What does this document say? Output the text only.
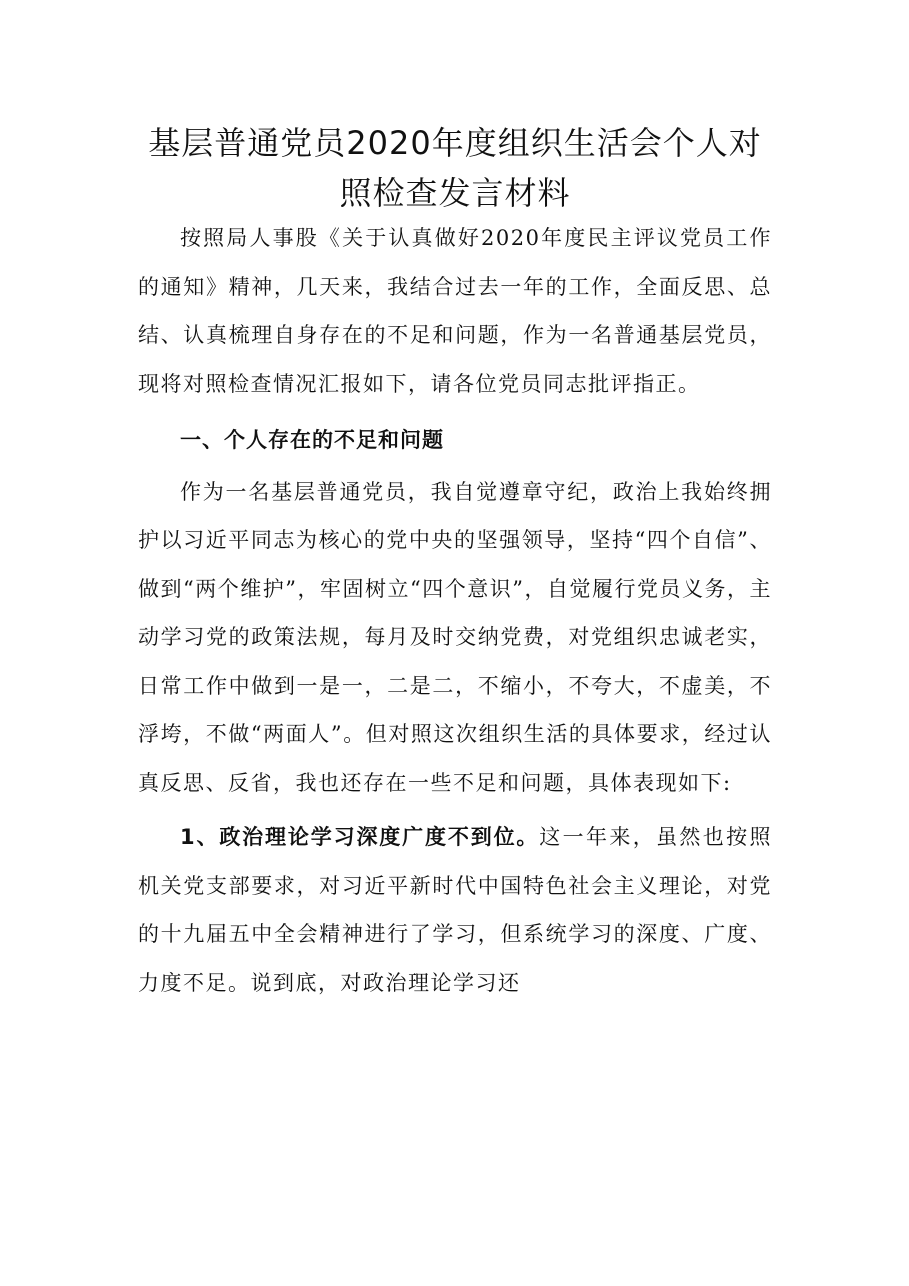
基层普通党员2020年度组织生活会个人对
照检查发言材料

按照局人事股《关于认真做好2020年度民主评议党员工作的通知》精神，几天来，我结合过去一年的工作，全面反思、总结、认真梳理自身存在的不足和问题，作为一名普通基层党员，现将对照检查情况汇报如下，请各位党员同志批评指正。

一、个人存在的不足和问题

作为一名基层普通党员，我自觉遵章守纪，政治上我始终拥护以习近平同志为核心的党中央的坚强领导，坚持“四个自信”、做到“两个维护”，牢固树立“四个意识”，自觉履行党员义务，主动学习党的政策法规，每月及时交纳党费，对党组织忠诚老实，日常工作中做到一是一，二是二，不缩小，不夸大，不虚美，不浮垮，不做“两面人”。但对照这次组织生活的具体要求，经过认真反思、反省，我也还存在一些不足和问题，具体表现如下:

1、政治理论学习深度广度不到位。这一年来，虽然也按照机关党支部要求，对习近平新时代中国特色社会主义理论，对党的十九届五中全会精神进行了学习，但系统学习的深度、广度、力度不足。说到底，对政治理论学习还
